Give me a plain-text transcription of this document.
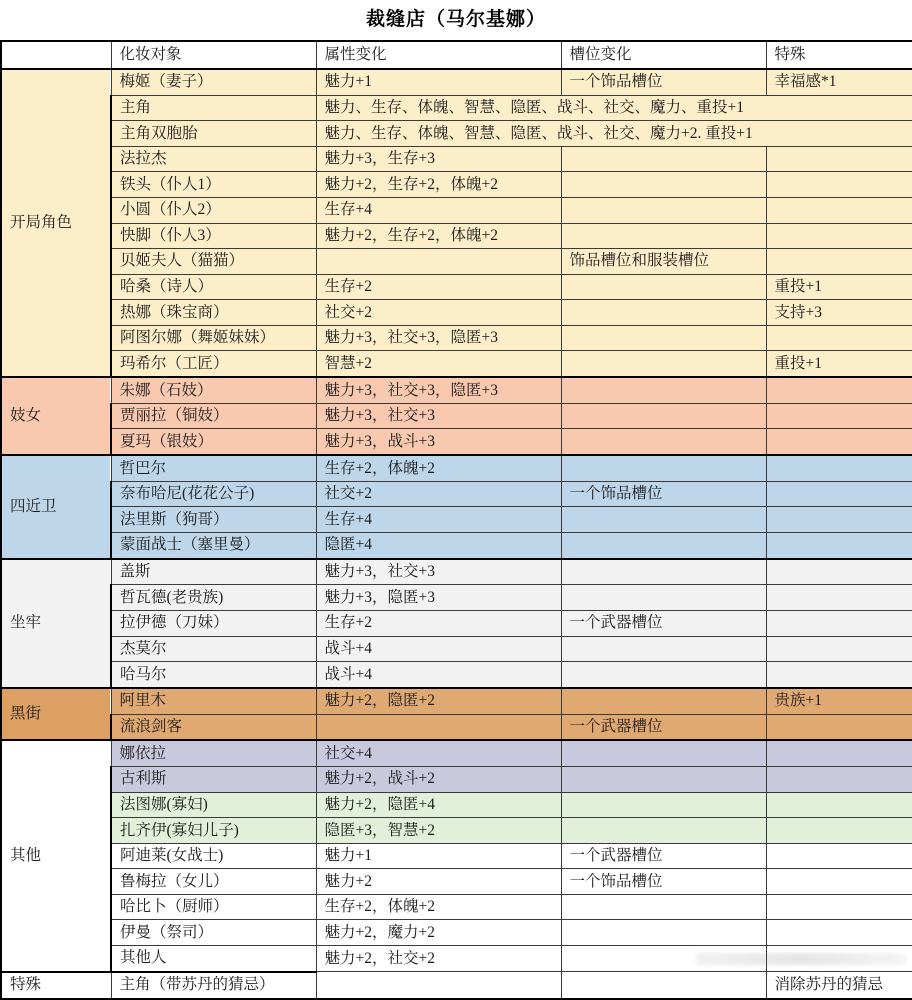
裁缝店（马尔基娜）
	化妆对象	属性变化	槽位变化	特殊
开局角色	梅姬（妻子）	魅力+1	一个饰品槽位	幸福感*1
	主角	魅力、生存、体魄、智慧、隐匿、战斗、社交、魔力、重投+1		
	主角双胞胎	魅力、生存、体魄、智慧、隐匿、战斗、社交、魔力+2. 重投+1		
	法拉杰	魅力+3，生存+3		
	铁头（仆人1）	魅力+2，生存+2，体魄+2		
	小圆（仆人2）	生存+4		
	快脚（仆人3）	魅力+2，生存+2，体魄+2		
	贝姬夫人（猫猫）		饰品槽位和服装槽位	
	哈桑（诗人）	生存+2		重投+1
	热娜（珠宝商）	社交+2		支持+3
	阿图尔娜（舞姬妹妹）	魅力+3，社交+3，隐匿+3		
	玛希尔（工匠）	智慧+2		重投+1
妓女	朱娜（石妓）	魅力+3，社交+3，隐匿+3		
	贾丽拉（铜妓）	魅力+3，社交+3		
	夏玛（银妓）	魅力+3，战斗+3		
四近卫	哲巴尔	生存+2，体魄+2		
	奈布哈尼(花花公子)	社交+2	一个饰品槽位	
	法里斯（狗哥）	生存+4		
	蒙面战士（塞里曼）	隐匿+4		
坐牢	盖斯	魅力+3，社交+3		
	哲瓦德(老贵族)	魅力+3，隐匿+3		
	拉伊德（刀妹）	生存+2	一个武器槽位	
	杰莫尔	战斗+4		
	哈马尔	战斗+4		
黑街	阿里木	魅力+2，隐匿+2		贵族+1
	流浪剑客		一个武器槽位	
其他	娜依拉	社交+4		
	古利斯	魅力+2，战斗+2		
	法图娜(寡妇)	魅力+2，隐匿+4		
	扎齐伊(寡妇儿子)	隐匿+3，智慧+2		
	阿迪莱(女战士)	魅力+1	一个武器槽位	
	鲁梅拉（女儿）	魅力+2	一个饰品槽位	
	哈比卜（厨师）	生存+2，体魄+2		
	伊曼（祭司）	魅力+2，魔力+2		
	其他人	魅力+2，社交+2		
特殊	主角（带苏丹的猜忌）			消除苏丹的猜忌
